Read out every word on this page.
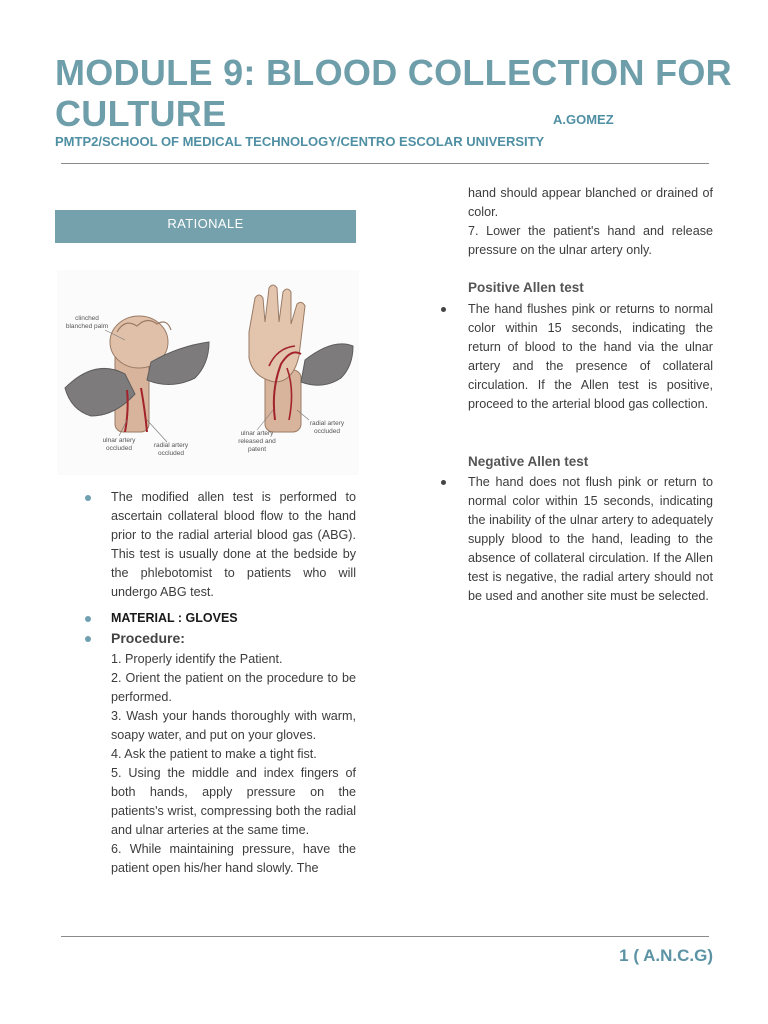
MODULE 9: BLOOD COLLECTION FOR CULTURE	A.GOMEZ
PMTP2/SCHOOL OF MEDICAL TECHNOLOGY/CENTRO ESCOLAR UNIVERSITY
RATIONALE
clinched blanched palm
ulnar artery occluded	radial artery occluded
ulnar artery released and patent
radial artery occluded
The modified allen test is performed to ascertain collateral blood flow to the hand prior to the radial arterial blood gas (ABG). This test is usually done at the bedside by the phlebotomist to patients who will undergo ABG test.
MATERIAL : GLOVES
Procedure:
1. Properly identify the Patient.
2. Orient the patient on the procedure to be performed.
3. Wash your hands thoroughly with warm, soapy water, and put on your gloves.
4. Ask the patient to make a tight fist.
5. Using the middle and index fingers of both hands, apply pressure on the patients's wrist, compressing both the radial and ulnar arteries at the same time.
6. While maintaining pressure, have the patient open his/her hand slowly. The
hand should appear blanched or drained of color.
7. Lower the patient's hand and release pressure on the ulnar artery only.
Positive Allen test
The hand flushes pink or returns to normal color within 15 seconds, indicating the return of blood to the hand via the ulnar artery and the presence of collateral circulation. If the Allen test is positive, proceed to the arterial blood gas collection.
Negative Allen test
The hand does not flush pink or return to normal color within 15 seconds, indicating the inability of the ulnar artery to adequately supply blood to the hand, leading to the absence of collateral circulation. If the Allen test is negative, the radial artery should not be used and another site must be selected.
1 ( A.N.C.G)
